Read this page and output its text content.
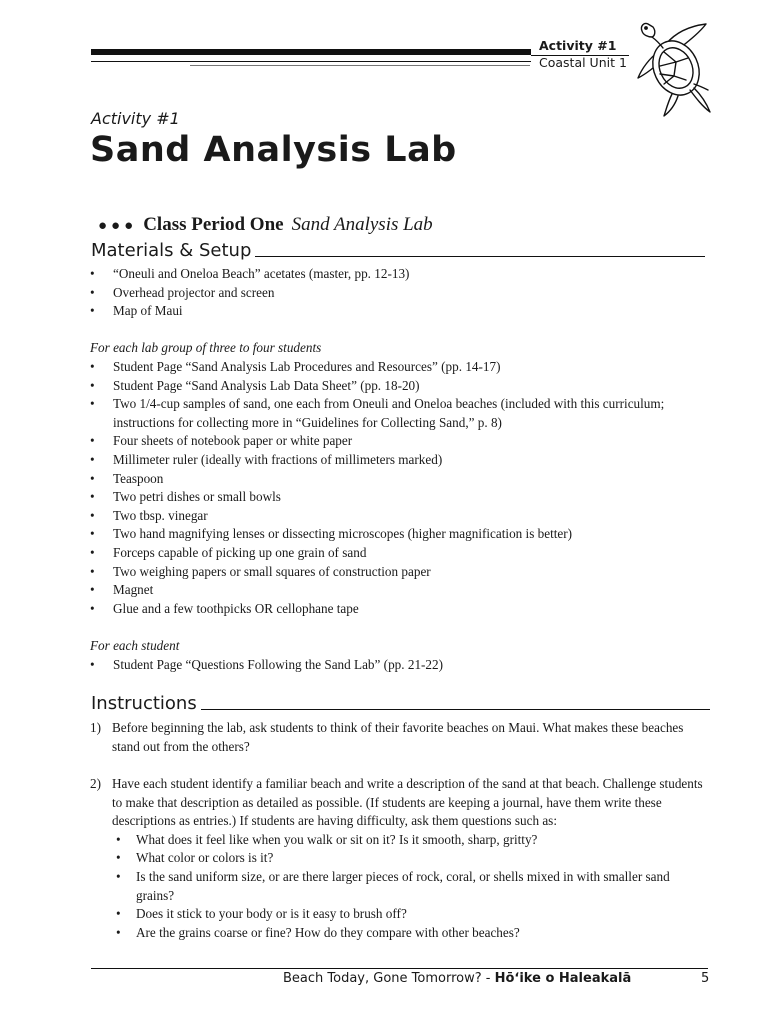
Activity #1
Coastal Unit 1
Activity #1
Sand Analysis Lab
●●● Class Period One Sand Analysis Lab
Materials & Setup
• “Oneuli and Oneloa Beach” acetates (master, pp. 12-13)
• Overhead projector and screen
• Map of Maui
For each lab group of three to four students
• Student Page “Sand Analysis Lab Procedures and Resources” (pp. 14-17)
• Student Page “Sand Analysis Lab Data Sheet” (pp. 18-20)
• Two 1/4-cup samples of sand, one each from Oneuli and Oneloa beaches (included with this curriculum; instructions for collecting more in “Guidelines for Collecting Sand,” p. 8)
• Four sheets of notebook paper or white paper
• Millimeter ruler (ideally with fractions of millimeters marked)
• Teaspoon
• Two petri dishes or small bowls
• Two tbsp. vinegar
• Two hand magnifying lenses or dissecting microscopes (higher magnification is better)
• Forceps capable of picking up one grain of sand
• Two weighing papers or small squares of construction paper
• Magnet
• Glue and a few toothpicks OR cellophane tape
For each student
• Student Page “Questions Following the Sand Lab” (pp. 21-22)
Instructions
1) Before beginning the lab, ask students to think of their favorite beaches on Maui. What makes these beaches stand out from the others?
2) Have each student identify a familiar beach and write a description of the sand at that beach. Challenge students to make that description as detailed as possible. (If students are keeping a journal, have them write these descriptions as entries.) If students are having difficulty, ask them questions such as:
• What does it feel like when you walk or sit on it? Is it smooth, sharp, gritty?
• What color or colors is it?
• Is the sand uniform size, or are there larger pieces of rock, coral, or shells mixed in with smaller sand grains?
• Does it stick to your body or is it easy to brush off?
• Are the grains coarse or fine? How do they compare with other beaches?
Beach Today, Gone Tomorrow? - Hōʻike o Haleakalā	5
